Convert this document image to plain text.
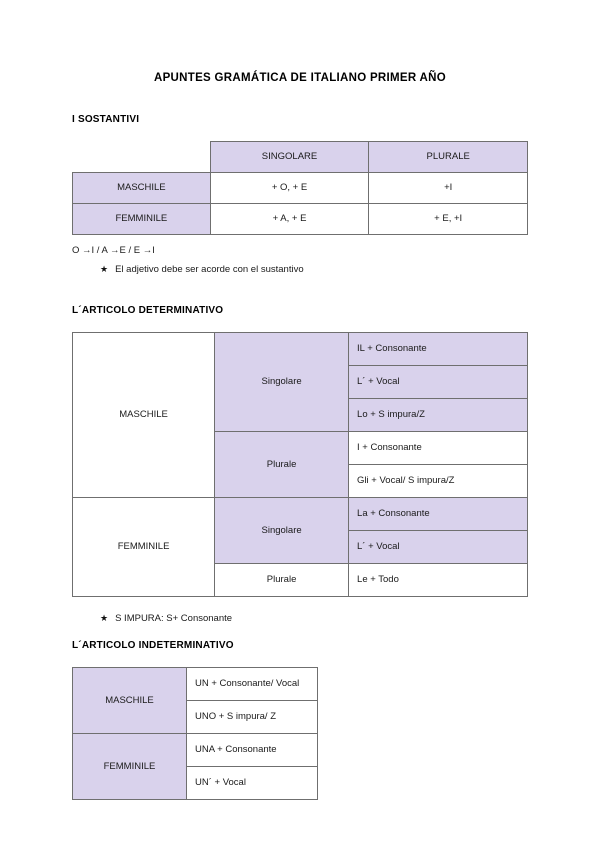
APUNTES GRAMÁTICA DE ITALIANO PRIMER AÑO
I SOSTANTIVI
	SINGOLARE	PLURALE
MASCHILE	+ O, + E	+I
FEMMINILE	+ A, + E	+ E, +I

O →I / A →E / E →I

★ El adjetivo debe ser acorde con el sustantivo
L´ARTICOLO DETERMINATIVO
MASCHILE	Singolare	IL + Consonante
		L´ + Vocal
		Lo + S impura/Z
	Plurale	I + Consonante
		Gli + Vocal/ S impura/Z
FEMMINILE	Singolare	La + Consonante
		L´ + Vocal
	Plurale	Le + Todo
★ S IMPURA: S+ Consonante
L´ARTICOLO INDETERMINATIVO
MASCHILE	UN + Consonante/ Vocal
	UNO + S impura/ Z
FEMMINILE	UNA + Consonante
	UN´ + Vocal
